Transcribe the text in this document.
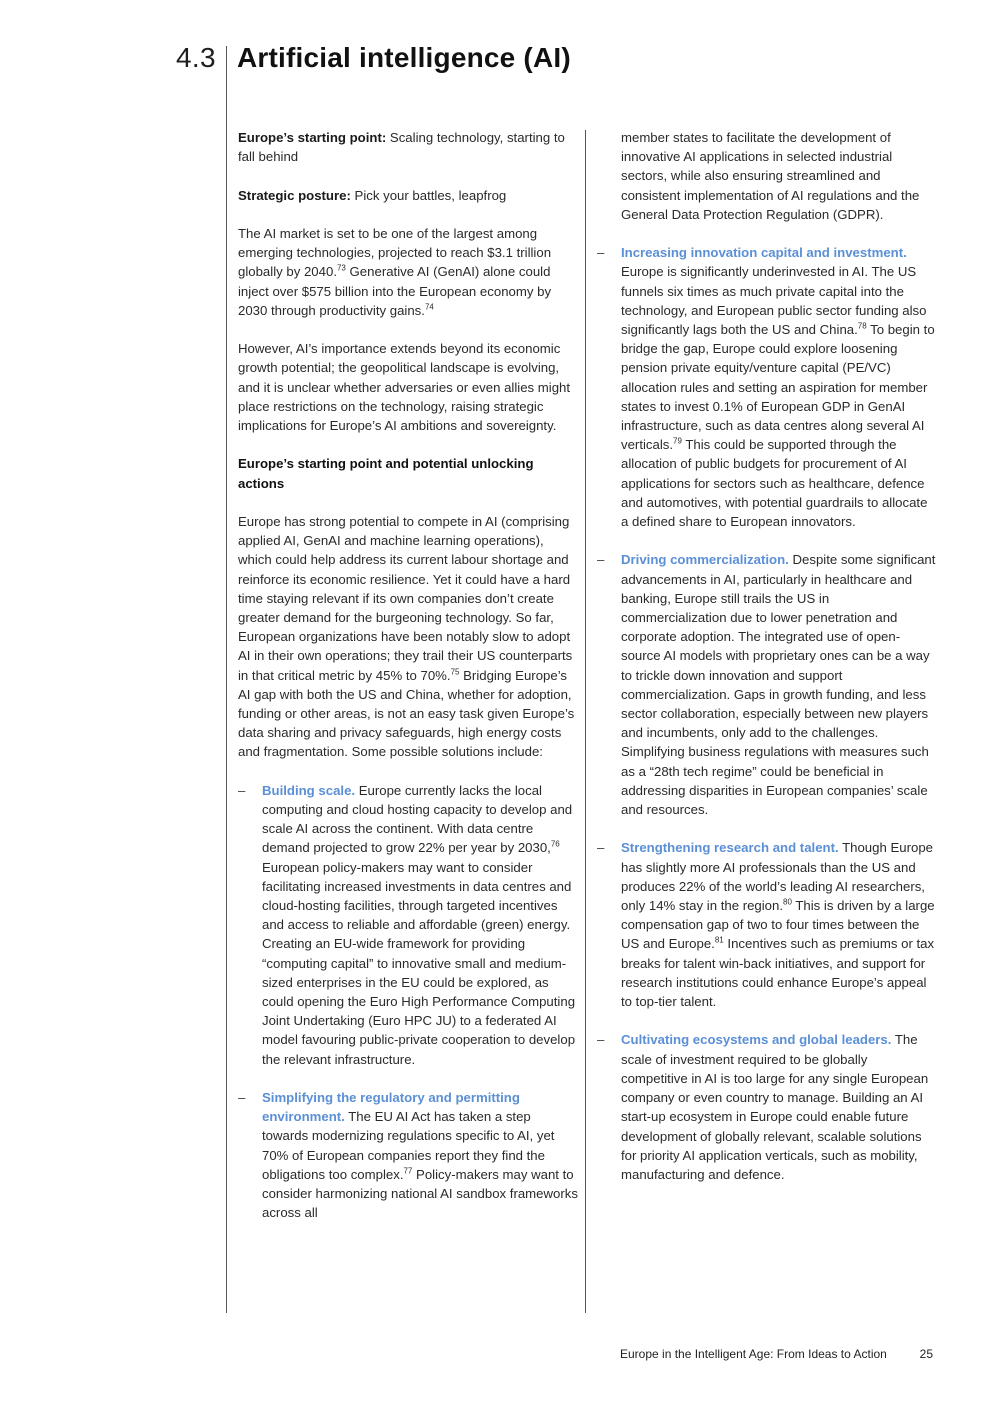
4.3 Artificial intelligence (AI)

Europe’s starting point: Scaling technology, starting to fall behind

Strategic posture: Pick your battles, leapfrog

The AI market is set to be one of the largest among emerging technologies, projected to reach $3.1 trillion globally by 2040.73 Generative AI (GenAI) alone could inject over $575 billion into the European economy by 2030 through productivity gains.$^{74}$

However, AI’s importance extends beyond its economic growth potential; the geopolitical landscape is evolving, and it is unclear whether adversaries or even allies might place restrictions on the technology, raising strategic implications for Europe’s AI ambitions and sovereignty.

Europe’s starting point and potential unlocking actions

Europe has strong potential to compete in AI (comprising applied AI, GenAI and machine learning operations), which could help address its current labour shortage and reinforce its economic resilience. Yet it could have a hard time staying relevant if its own companies don’t create greater demand for the burgeoning technology. So far, European organizations have been notably slow to adopt AI in their own operations; they trail their US counterparts in that critical metric by 45% to 70%.$^{75}$ Bridging Europe’s AI gap with both the US and China, whether for adoption, funding or other areas, is not an easy task given Europe’s data sharing and privacy safeguards, high energy costs and fragmentation. Some possible solutions include:

– Building scale. Europe currently lacks the local computing and cloud hosting capacity to develop and scale AI across the continent. With data centre demand projected to grow 22% per year by 2030,76 European policy-makers may want to consider facilitating increased investments in data centres and cloud-hosting facilities, through targeted incentives and access to reliable and affordable (green) energy. Creating an EU-wide framework for providing “computing capital” to innovative small and medium-sized enterprises in the EU could be explored, as could opening the Euro High Performance Computing Joint Undertaking (Euro HPC JU) to a federated AI model favouring public-private cooperation to develop the relevant infrastructure.
– Simplifying the regulatory and permitting environment. The EU AI Act has taken a step towards modernizing regulations specific to AI, yet 70% of European companies report they find the obligations too complex.$^{77}$ Policy-makers may want to consider harmonizing national AI sandbox frameworks across all
member states to facilitate the development of innovative AI applications in selected industrial sectors, while also ensuring streamlined and consistent implementation of AI regulations and the General Data Protection Regulation (GDPR).
– Increasing innovation capital and investment. Europe is significantly underinvested in AI. The US funnels six times as much private capital into the technology, and European public sector funding also significantly lags both the US and China.$^{78}$ To begin to bridge the gap, Europe could explore loosening pension private equity/venture capital (PE/VC) allocation rules and setting an aspiration for member states to invest 0.1% of European GDP in GenAI infrastructure, such as data centres along several AI verticals.$^{79}$ This could be supported through the allocation of public budgets for procurement of AI applications for sectors such as healthcare, defence and automotives, with potential guardrails to allocate a defined share to European innovators.
– Driving commercialization. Despite some significant advancements in AI, particularly in healthcare and banking, Europe still trails the US in commercialization due to lower penetration and corporate adoption. The integrated use of open-source AI models with proprietary ones can be a way to trickle down innovation and support commercialization. Gaps in growth funding, and less sector collaboration, especially between new players and incumbents, only add to the challenges. Simplifying business regulations with measures such as a “28th tech regime” could be beneficial in addressing disparities in European companies’ scale and resources.
– Strengthening research and talent. Though Europe has slightly more AI professionals than the US and produces 22% of the world’s leading AI researchers, only 14% stay in the region.$^{80}$ This is driven by a large compensation gap of two to four times between the US and Europe.$^{81}$ Incentives such as premiums or tax breaks for talent win-back initiatives, and support for research institutions could enhance Europe’s appeal to top-tier talent.
– Cultivating ecosystems and global leaders. The scale of investment required to be globally competitive in AI is too large for any single European company or even country to manage. Building an AI start-up ecosystem in Europe could enable future development of globally relevant, scalable solutions for priority AI application verticals, such as mobility, manufacturing and defence.
Europe in the Intelligent Age: From Ideas to Action	25
